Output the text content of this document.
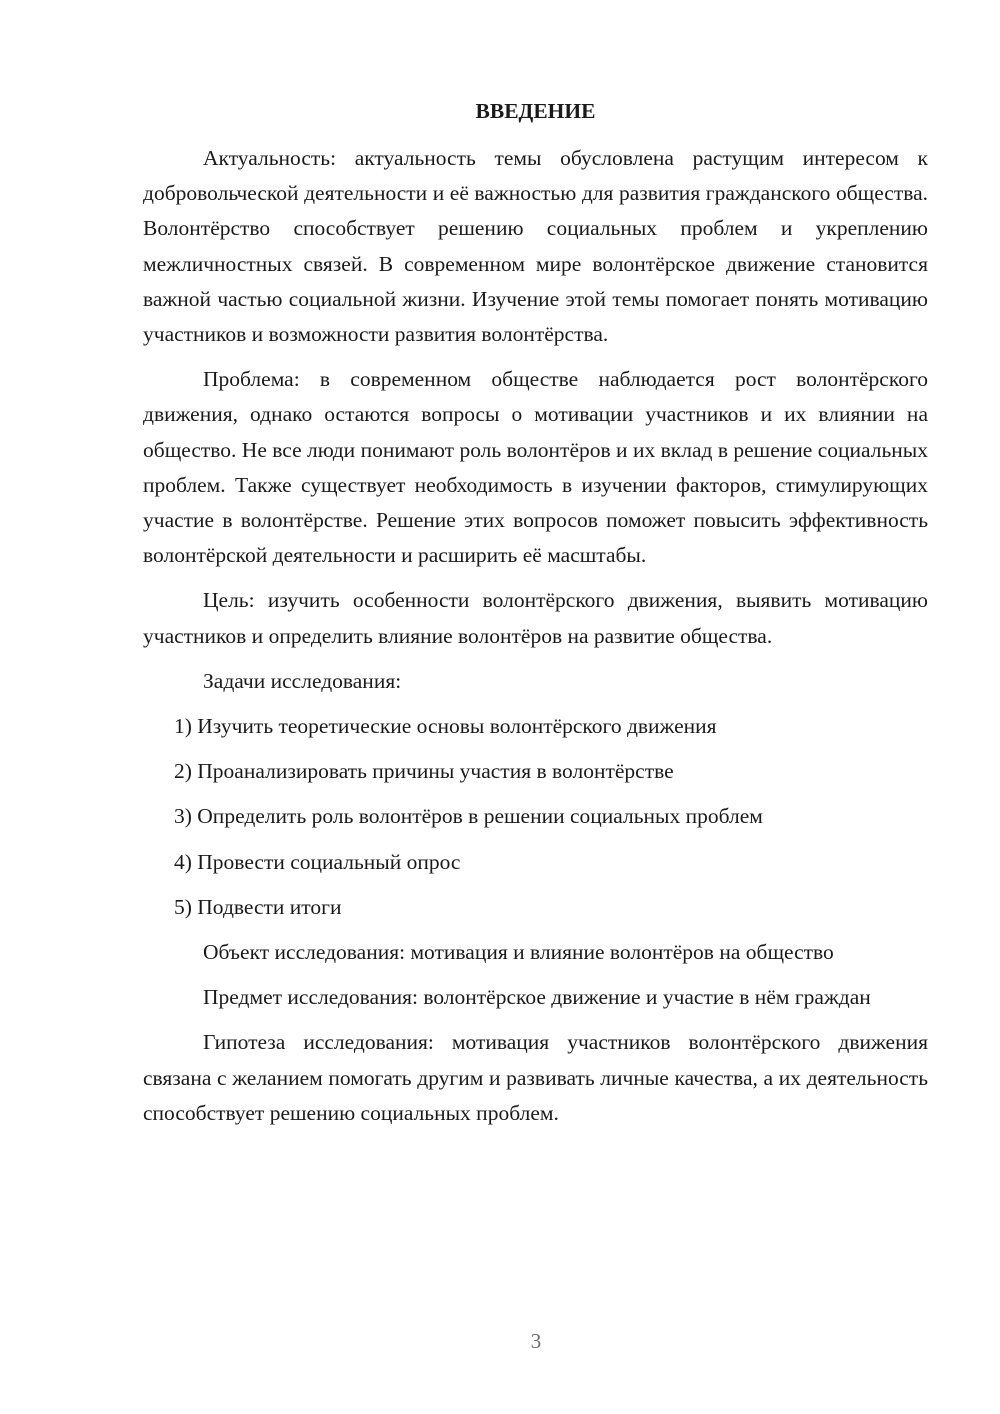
ВВЕДЕНИЕ

Актуальность: актуальность темы обусловлена растущим интересом к добровольческой деятельности и её важностью для развития гражданского общества. Волонтёрство способствует решению социальных проблем и укреплению межличностных связей. В современном мире волонтёрское движение становится важной частью социальной жизни. Изучение этой темы помогает понять мотивацию участников и возможности развития волонтёрства.

Проблема: в современном обществе наблюдается рост волонтёрского движения, однако остаются вопросы о мотивации участников и их влиянии на общество. Не все люди понимают роль волонтёров и их вклад в решение социальных проблем. Также существует необходимость в изучении факторов, стимулирующих участие в волонтёрстве. Решение этих вопросов поможет повысить эффективность волонтёрской деятельности и расширить её масштабы.

Цель: изучить особенности волонтёрского движения, выявить мотивацию участников и определить влияние волонтёров на развитие общества.

Задачи исследования:

1) Изучить теоретические основы волонтёрского движения
2) Проанализировать причины участия в волонтёрстве
3) Определить роль волонтёров в решении социальных проблем
4) Провести социальный опрос
5) Подвести итоги

Объект исследования: мотивация и влияние волонтёров на общество

Предмет исследования: волонтёрское движение и участие в нём граждан

Гипотеза исследования: мотивация участников волонтёрского движения связана с желанием помогать другим и развивать личные качества, а их деятельность способствует решению социальных проблем.

3
